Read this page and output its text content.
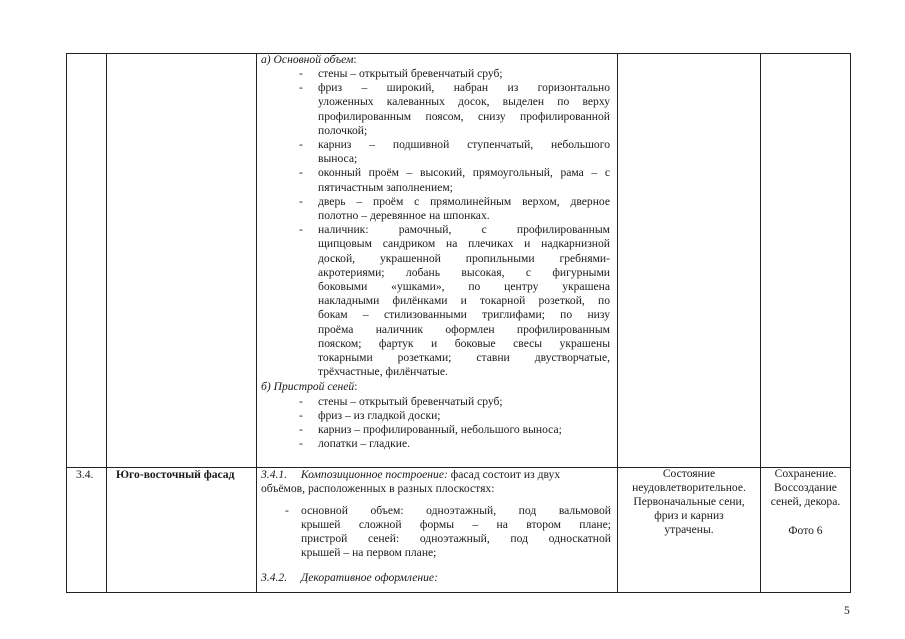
а) Основной объем:
- стены – открытый бревенчатый сруб;
- фриз – широкий, набран из горизонтально
уложенных калеванных досок, выделен по верху
профилированным поясом, снизу профилированной
полочкой;
- карниз – подшивной ступенчатый, небольшого
выноса;
- оконный проём – высокий, прямоугольный, рама – с
пятичастным заполнением;
- дверь – проём с прямолинейным верхом, дверное
полотно – деревянное на шпонках.
- наличник: рамочный, с профилированным
щипцовым сандриком на плечиках и надкарнизной
доской, украшенной пропильными гребнями-
акротериями; лобань высокая, с фигурными
боковыми «ушками», по центру украшена
накладными филёнками и токарной розеткой, по
бокам – стилизованными триглифами; по низу
проёма наличник оформлен профилированным
пояском; фартук и боковые свесы украшены
токарными розетками; ставни двустворчатые,
трёхчастные, филёнчатые.
б) Пристрой сеней:
- стены – открытый бревенчатый сруб;
- фриз – из гладкой доски;
- карниз – профилированный, небольшого выноса;
- лопатки – гладкие.
3.4. Юго-восточный фасад 3.4.1. Композиционное построение: фасад состоит из двух
объёмов, расположенных в разных плоскостях:
- основной объем: одноэтажный, под вальмовой
крышей сложной формы – на втором плане;
пристрой сеней: одноэтажный, под односкатной
крышей – на первом плане;
3.4.2. Декоративное оформление:
Состояние
неудовлетворительное.
Первоначальные сени,
фриз и карниз
утрачены.
Сохранение.
Воссоздание
сеней, декора.
Фото 6
5
